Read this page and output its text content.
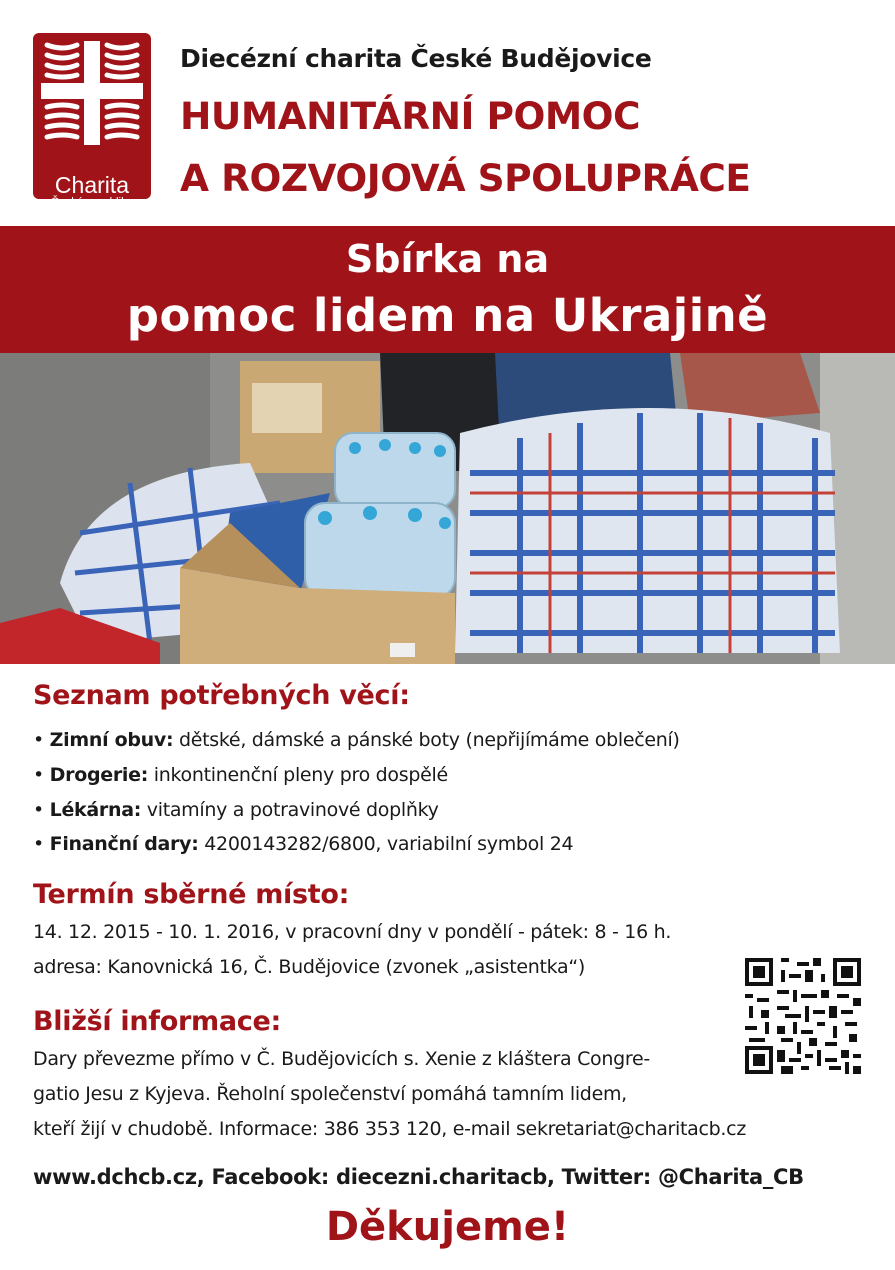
Charita
Česká republika
Diecézní charita České Budějovice
HUMANITÁRNÍ POMOC
A ROZVOJOVÁ SPOLUPRÁCE
Sbírka na
pomoc lidem na Ukrajině
Seznam potřebných věcí:
• Zimní obuv: dětské, dámské a pánské boty (nepřijímáme oblečení)
• Drogerie: inkontinenční pleny pro dospělé
• Lékárna: vitamíny a potravinové doplňky
• Finanční dary: 4200143282/6800, variabilní symbol 24
Termín sběrné místo:
14. 12. 2015 - 10. 1. 2016, v pracovní dny v pondělí - pátek: 8 - 16 h.
adresa: Kanovnická 16, Č. Budějovice (zvonek „asistentka“)
Bližší informace:
Dary převezme přímo v Č. Budějovicích s. Xenie z kláštera Congre-
gatio Jesu z Kyjeva. Řeholní společenství pomáhá tamním lidem,
kteří žijí v chudobě. Informace: 386 353 120, e-mail sekretariat@charitacb.cz
www.dchcb.cz, Facebook: diecezni.charitacb, Twitter: @Charita_CB
Děkujeme!
